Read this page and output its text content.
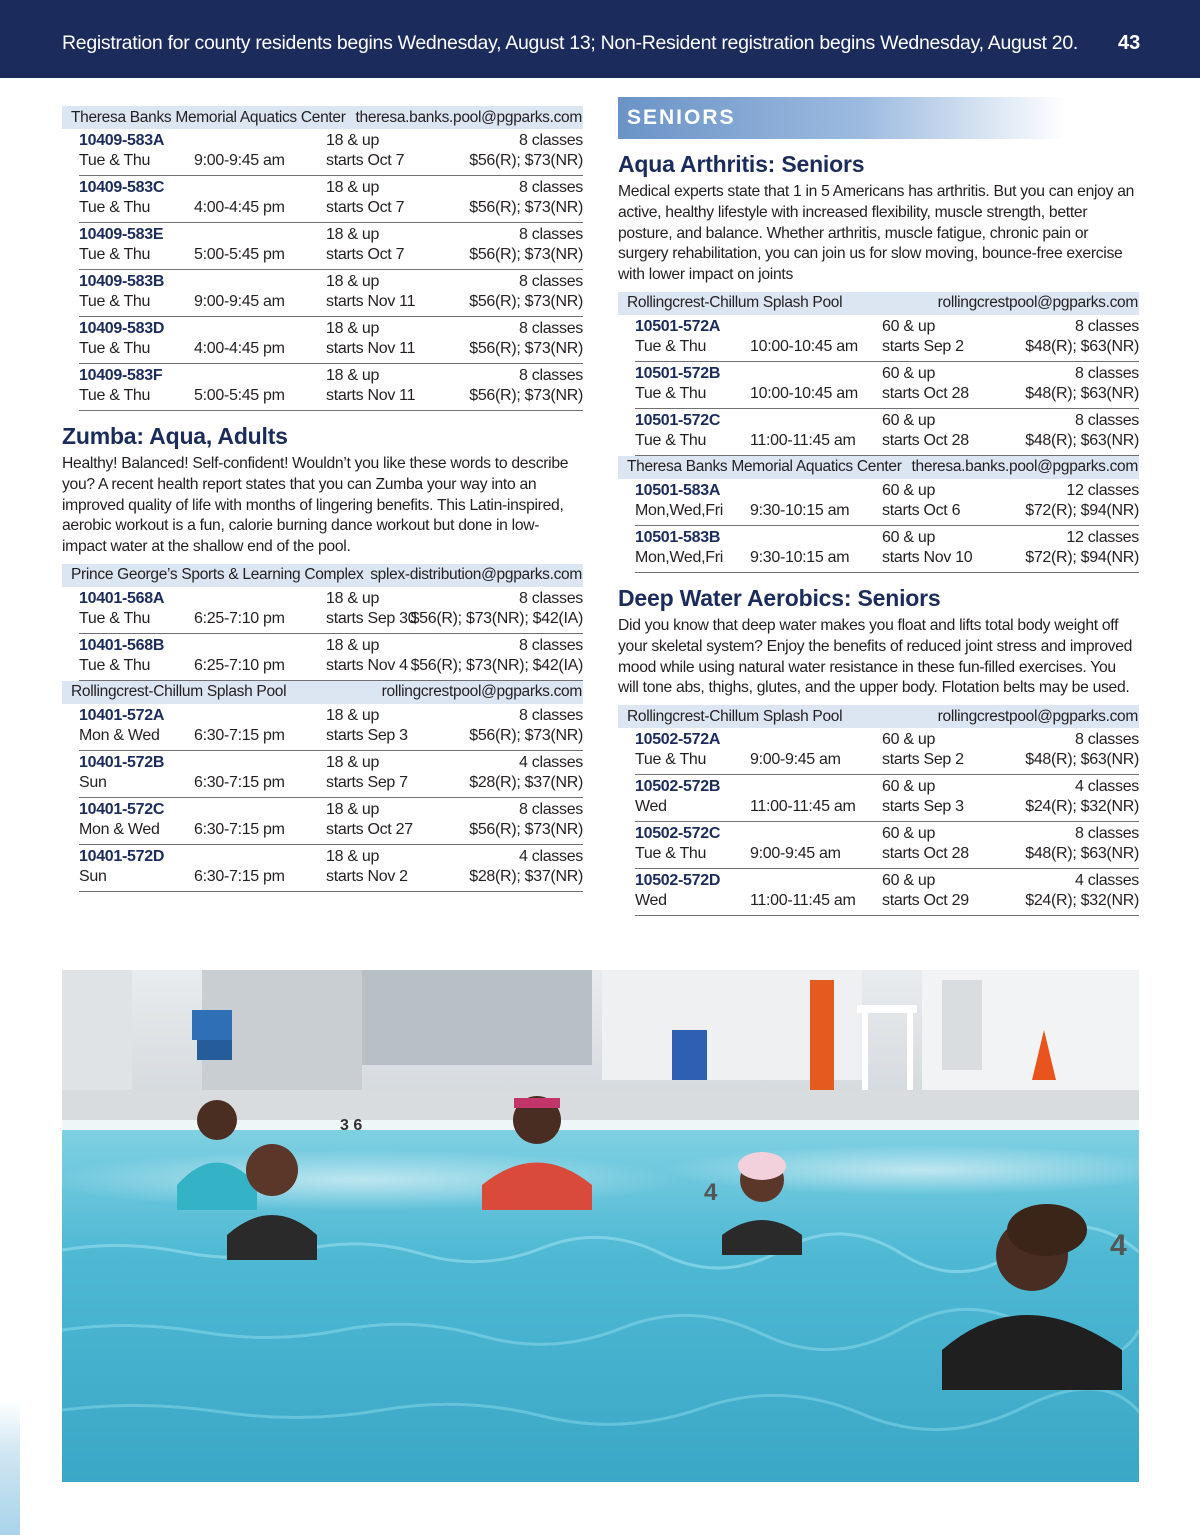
Registration for county residents begins Wednesday, August 13; Non-Resident registration begins Wednesday, August 20. 43
Theresa Banks Memorial Aquatics Center theresa.banks.pool@pgparks.com
10409-583A
Tue & Thu	9:00-9:45 am
18 & up
starts Oct 7
8 classes
$56(R); $73(NR)
10409-583C
Tue & Thu	4:00-4:45 pm
18 & up
starts Oct 7
8 classes
$56(R); $73(NR)
10409-583E
Tue & Thu	5:00-5:45 pm
18 & up
starts Oct 7
8 classes
$56(R); $73(NR)
10409-583B
Tue & Thu	9:00-9:45 am
18 & up
starts Nov 11
8 classes
$56(R); $73(NR)
10409-583D
Tue & Thu	4:00-4:45 pm
18 & up
starts Nov 11
8 classes
$56(R); $73(NR)
10409-583F
Tue & Thu	5:00-5:45 pm
18 & up
starts Nov 11
8 classes
$56(R); $73(NR)
Zumba: Aqua, Adults
Healthy! Balanced! Self-confident! Wouldn’t you like these words to describe you? A recent health report states that you can Zumba your way into an improved quality of life with months of lingering benefits. This Latin-inspired, aerobic workout is a fun, calorie burning dance workout but done in low-impact water at the shallow end of the pool.
Prince George’s Sports & Learning Complex splex-distribution@pgparks.com
10401-568A
Tue & Thu	6:25-7:10 pm
18 & up
starts Sep 30
8 classes
$56(R); $73(NR); $42(IA)
10401-568B
Tue & Thu	6:25-7:10 pm
18 & up
starts Nov 4
8 classes
$56(R); $73(NR); $42(IA)
Rollingcrest-Chillum Splash Pool	rollingcrestpool@pgparks.com
10401-572A
Mon & Wed 6:30-7:15 pm
18 & up
starts Sep 3
8 classes
$56(R); $73(NR)
10401-572B
Sun	6:30-7:15 pm
18 & up
starts Sep 7
4 classes
$28(R); $37(NR)
10401-572C
Mon & Wed 6:30-7:15 pm
18 & up
starts Oct 27
8 classes
$56(R); $73(NR)
10401-572D
Sun	6:30-7:15 pm
18 & up
starts Nov 2
4 classes
$28(R); $37(NR)
SENIORS
Aqua Arthritis: Seniors
Medical experts state that 1 in 5 Americans has arthritis. But you can enjoy an active, healthy lifestyle with increased flexibility, muscle strength, better posture, and balance. Whether arthritis, muscle fatigue, chronic pain or surgery rehabilitation, you can join us for slow moving, bounce-free exercise with lower impact on joints
Rollingcrest-Chillum Splash Pool	rollingcrestpool@pgparks.com
10501-572A
Tue & Thu	10:00-10:45 am
60 & up
starts Sep 2
8 classes
$48(R); $63(NR)
10501-572B
Tue & Thu	10:00-10:45 am
60 & up
starts Oct 28
8 classes
$48(R); $63(NR)
10501-572C
Tue & Thu	11:00-11:45 am
60 & up
starts Oct 28
8 classes
$48(R); $63(NR)
Theresa Banks Memorial Aquatics Center theresa.banks.pool@pgparks.com
10501-583A
Mon,Wed,Fri 9:30-10:15 am
60 & up
starts Oct 6
12 classes
$72(R); $94(NR)
10501-583B
Mon,Wed,Fri 9:30-10:15 am
60 & up
starts Nov 10
12 classes
$72(R); $94(NR)
Deep Water Aerobics: Seniors
Did you know that deep water makes you float and lifts total body weight off your skeletal system? Enjoy the benefits of reduced joint stress and improved mood while using natural water resistance in these fun-filled exercises. You will tone abs, thighs, glutes, and the upper body. Flotation belts may be used.
Rollingcrest-Chillum Splash Pool	rollingcrestpool@pgparks.com
10502-572A
Tue & Thu	9:00-9:45 am
60 & up
starts Sep 2
8 classes
$48(R); $63(NR)
10502-572B
Wed	11:00-11:45 am
60 & up
starts Sep 3
4 classes
$24(R); $32(NR)
10502-572C
Tue & Thu	9:00-9:45 am
60 & up
starts Oct 28
8 classes
$48(R); $63(NR)
10502-572D
Wed	11:00-11:45 am
60 & up
starts Oct 29
4 classes
$24(R); $32(NR)
3 6
4
4
